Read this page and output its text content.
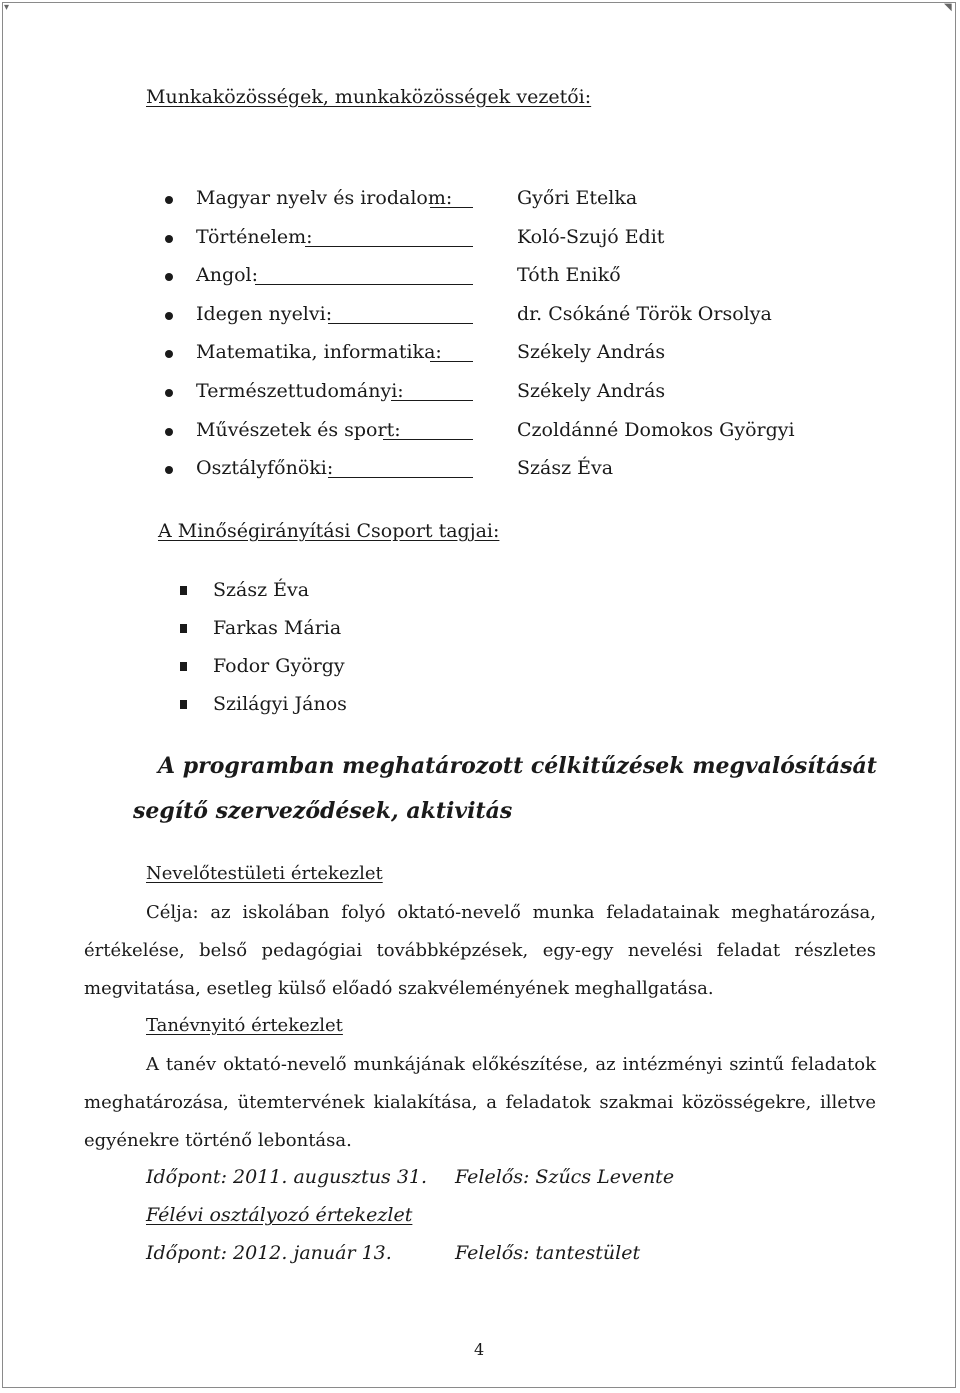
▾	◥
Munkaközösségek, munkaközösségek vezetői:
Magyar nyelv és irodalom:	Győri Etelka
Történelem:	Koló-Szujó Edit
Angol:	Tóth Enikő
Idegen nyelvi:	dr. Csókáné Török Orsolya
Matematika, informatika:	Székely András
Természettudományi:	Székely András
Művészetek és sport:	Czoldánné Domokos Györgyi
Osztályfőnöki:	Szász Éva
A Minőségirányítási Csoport tagjai:
Szász Éva
Farkas Mária
Fodor György
Szilágyi János
A programban meghatározott célkitűzések megvalósítását
segítő szerveződések, aktivitás
Nevelőtestületi értekezlet
Célja: az iskolában folyó oktató-nevelő munka feladatainak meghatározása,
értékelése, belső pedagógiai továbbképzések, egy-egy nevelési feladat részletes
megvitatása, esetleg külső előadó szakvéleményének meghallgatása.
Tanévnyitó értekezlet
A tanév oktató-nevelő munkájának előkészítése, az intézményi szintű feladatok
meghatározása, ütemtervének kialakítása, a feladatok szakmai közösségekre, illetve
egyénekre történő lebontása.
Időpont: 2011. augusztus 31. Felelős: Szűcs Levente
Félévi osztályozó értekezlet
Időpont: 2012. január 13.	Felelős: tantestület
4
